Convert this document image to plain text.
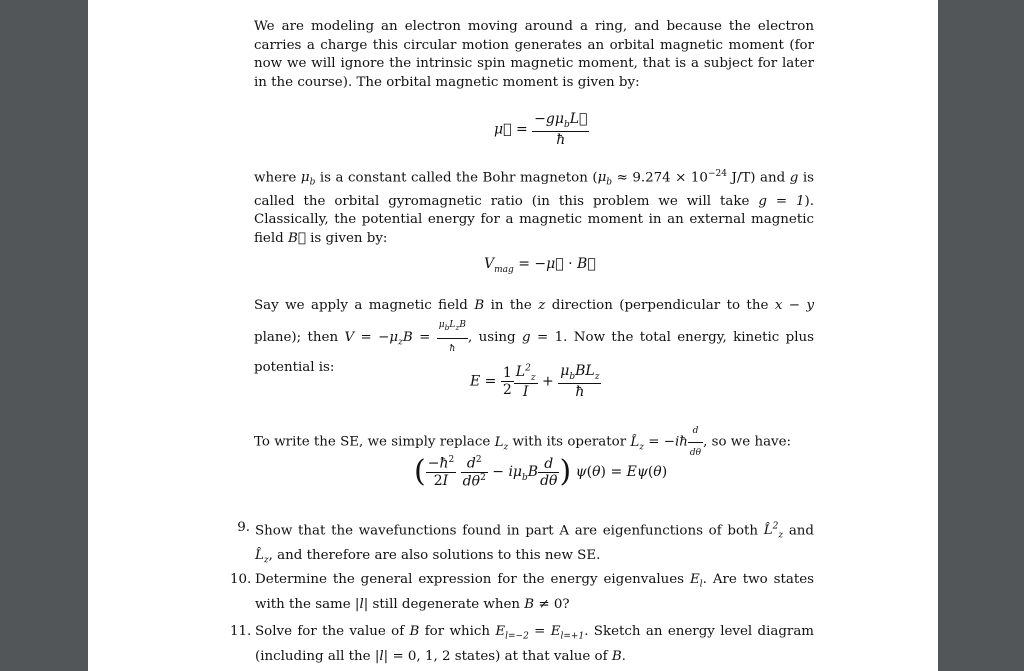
We are modeling an electron moving around a ring, and because the electron carries a charge this circular motion generates an orbital magnetic moment (for now we will ignore the intrinsic spin magnetic moment, that is a subject for later in the course). The orbital magnetic moment is given by:
μ⃗ = $\frac{-g\mu_bL⃗}{ħ}$
where $\mu_b$ is a constant called the Bohr magneton ($\mu_b \approx 9.274 \times 10^{-24}$ J/T) and g is called the orbital gyromagnetic ratio (in this problem we will take g = 1). Classically, the potential energy for a magnetic moment in an external magnetic field B⃗ is given by:
$V_{mag}$ = −μ⃗ · B⃗
Say we apply a magnetic field B in the z direction (perpendicular to the x − y plane); then $V = -\mu_zB = \frac{\mu_bL_zB}{ħ}$ , using g = 1. Now the total energy, kinetic plus potential is:
$E = \frac{1}{2} \frac{L^2_z}{I} + \frac{\mu_bBL_z}{ħ}$
To write the SE, we simply replace $L_z$ with its operator $L̂_z$ = −iħ $\frac{d}{d\theta}$ , so we have:
( $\frac{-ħ^2}{2I}$
$\frac{d^2}{d\theta^2} - i\mu_bB \frac{d}{d\theta}$ ) ψ(θ) = Eψ(θ)
9. Show that the wavefunctions found in part A are eigenfunctions of both L̂$^2_z$ and $L̂_z$, and therefore are also solutions to this new SE.
10. Determine the general expression for the energy eigenvalues $E_l$. Are two states with the same |l| still degenerate when B ≠ 0?
11. Solve for the value of B for which $E_{l=-2} = E_{l=+1}$. Sketch an energy level diagram (including all the |l| = 0, 1, 2 states) at that value of B.
